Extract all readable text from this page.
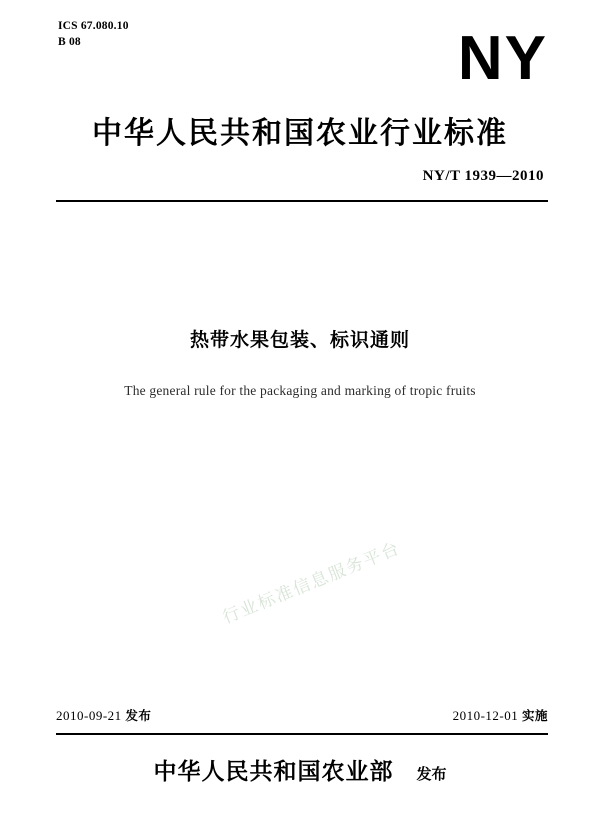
ICS 67.080.10
B 08	NY
中华人民共和国农业行业标准
NY/T 1939—2010
热带水果包装、标识通则
The general rule for the packaging and marking of tropic fruits
行业标准信息服务平台
2010-09-21 发布	2010-12-01 实施
中华人民共和国农业部 发布
